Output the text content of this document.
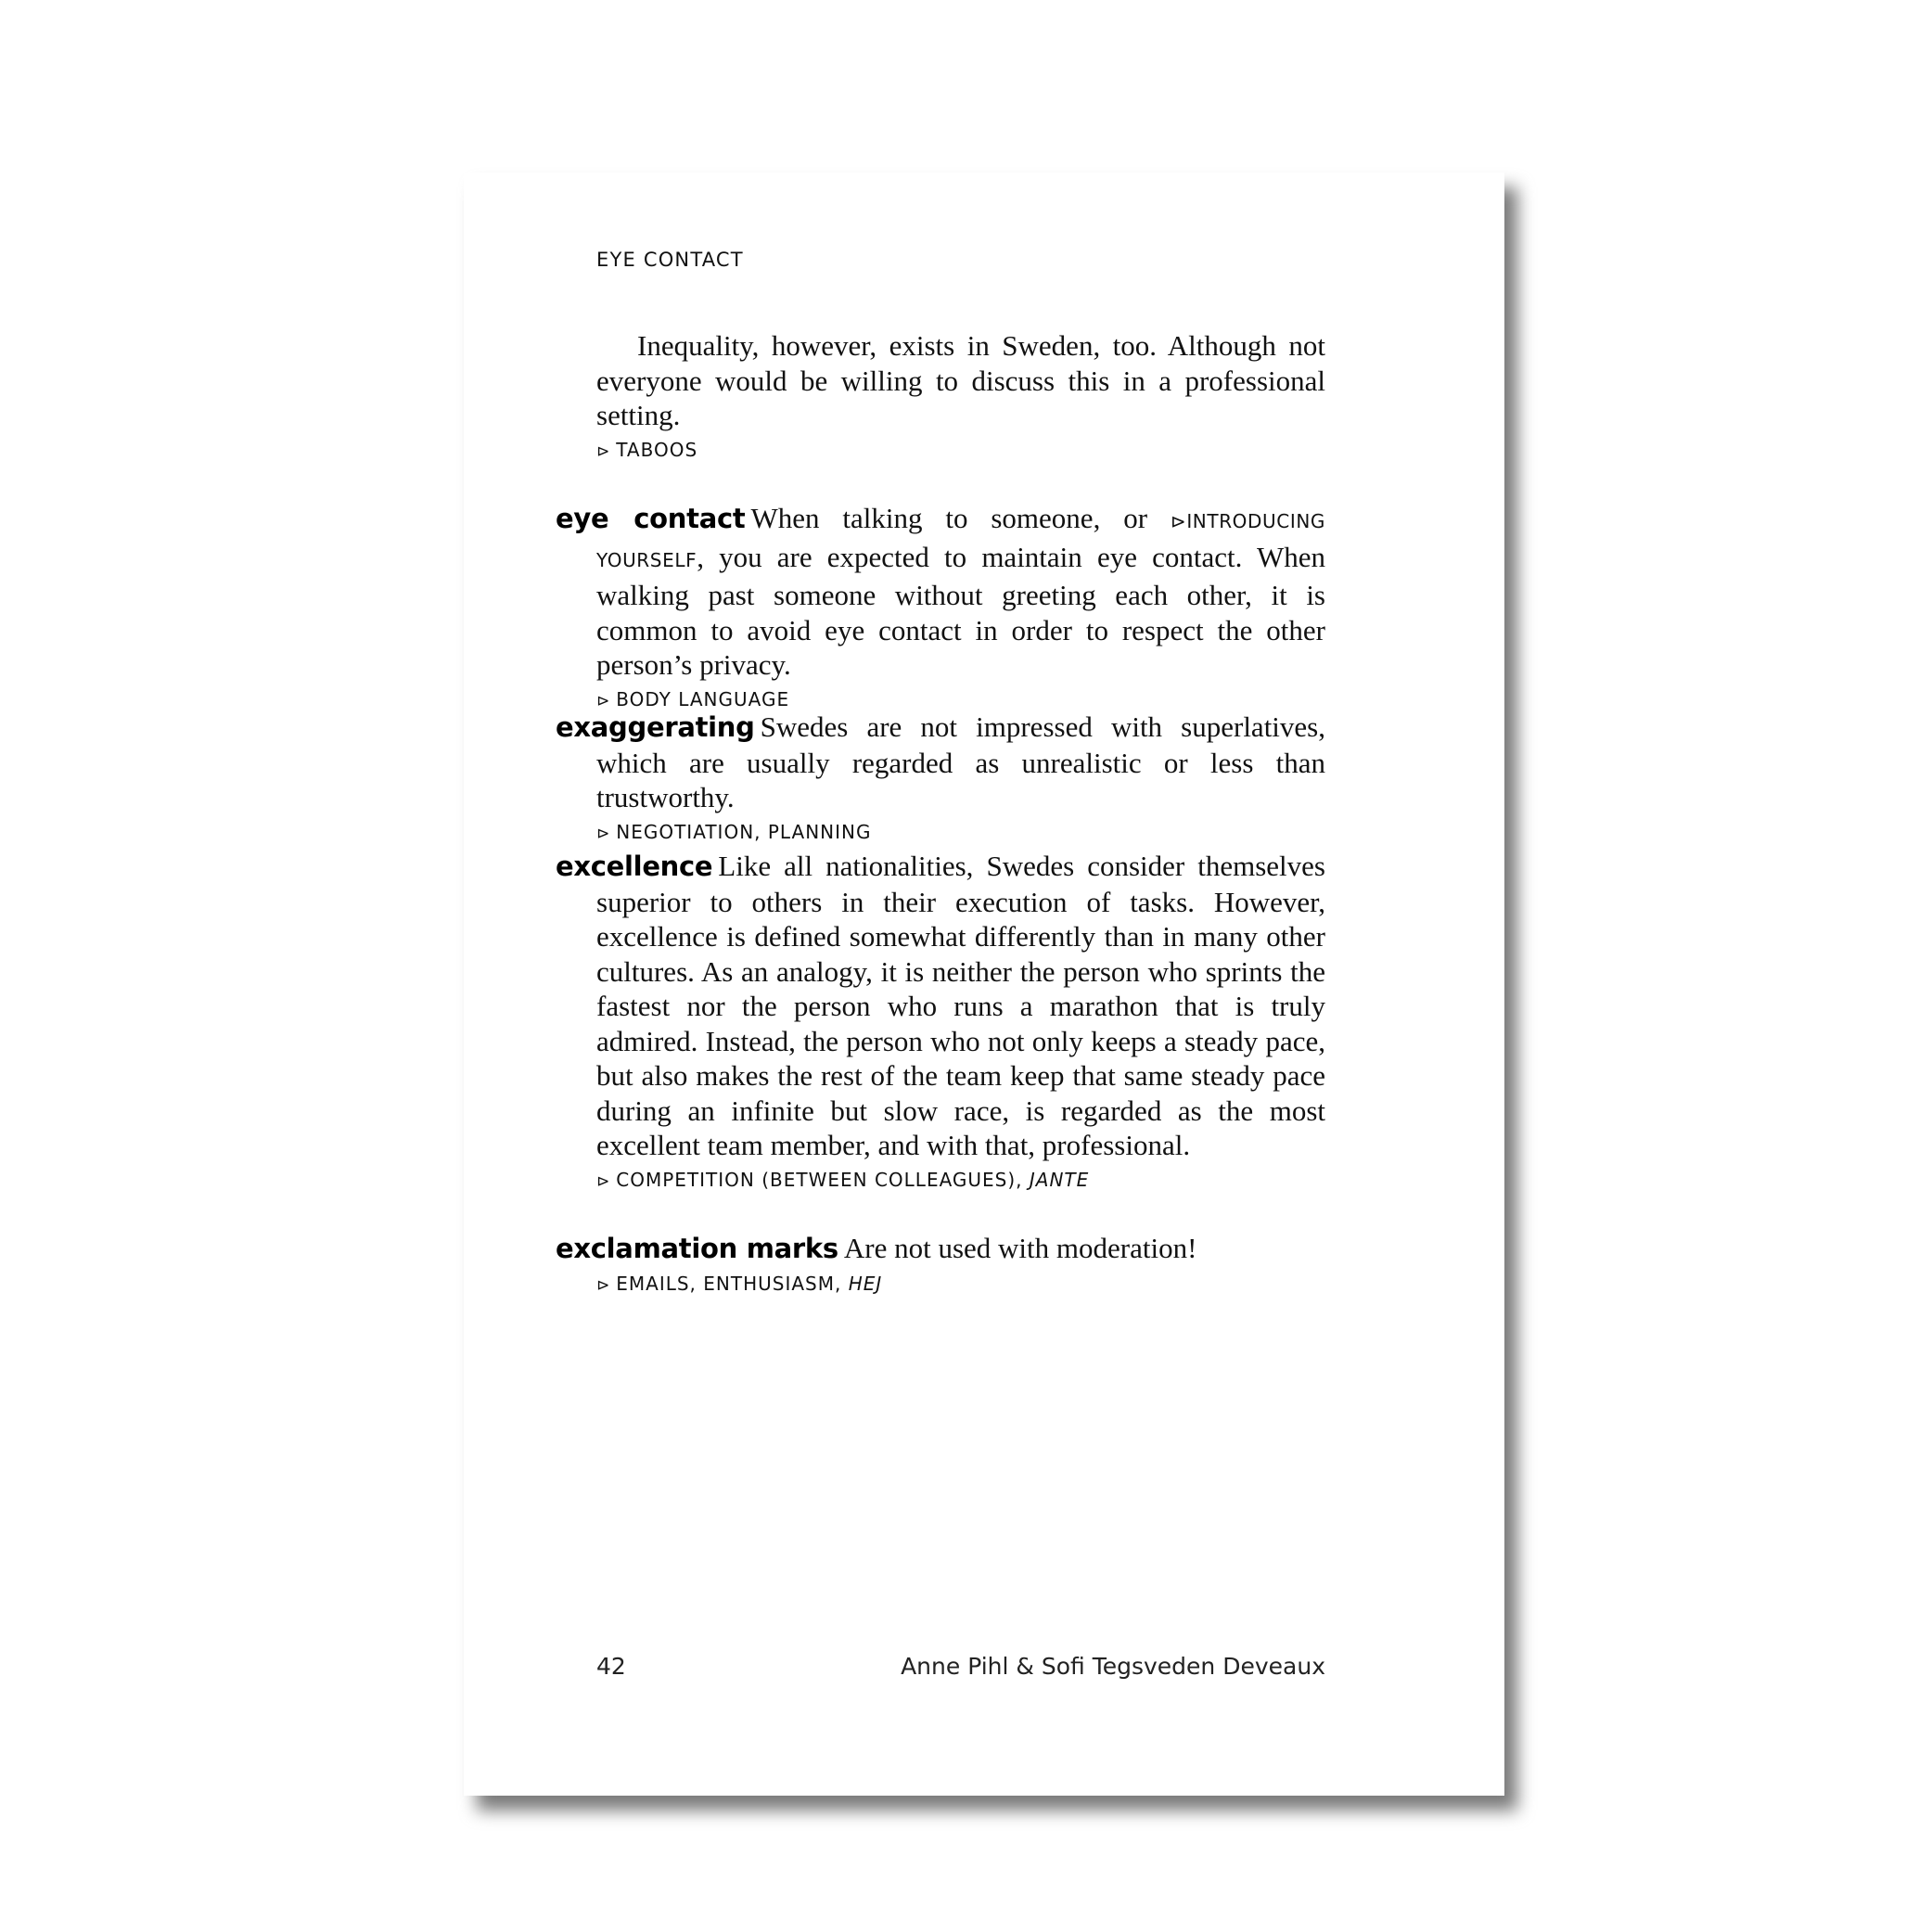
EYE CONTACT
Inequality, however, exists in Sweden, too. Although not everyone would be willing to discuss this in a professional setting.
⊳ TABOOS
eye contact When talking to someone, or ⊳INTRODUCING YOURSELF, you are expected to maintain eye contact. When walking past someone without greeting each other, it is common to avoid eye contact in order to respect the other person’s privacy.
⊳ BODY LANGUAGE
exaggerating Swedes are not impressed with superlatives, which are usually regarded as unrealistic or less than trustworthy.
⊳ NEGOTIATION, PLANNING
excellence Like all nationalities, Swedes consider themselves superior to others in their execution of tasks. However, excellence is defined somewhat differently than in many other cultures. As an analogy, it is neither the person who sprints the fastest nor the person who runs a marathon that is truly admired. Instead, the person who not only keeps a steady pace, but also makes the rest of the team keep that same steady pace during an infinite but slow race, is regarded as the most excellent team member, and with that, professional.
⊳ COMPETITION (BETWEEN COLLEAGUES), JANTE
exclamation marks Are not used with moderation!
⊳ EMAILS, ENTHUSIASM, HEJ
42	Anne Pihl & Sofi Tegsveden Deveaux
